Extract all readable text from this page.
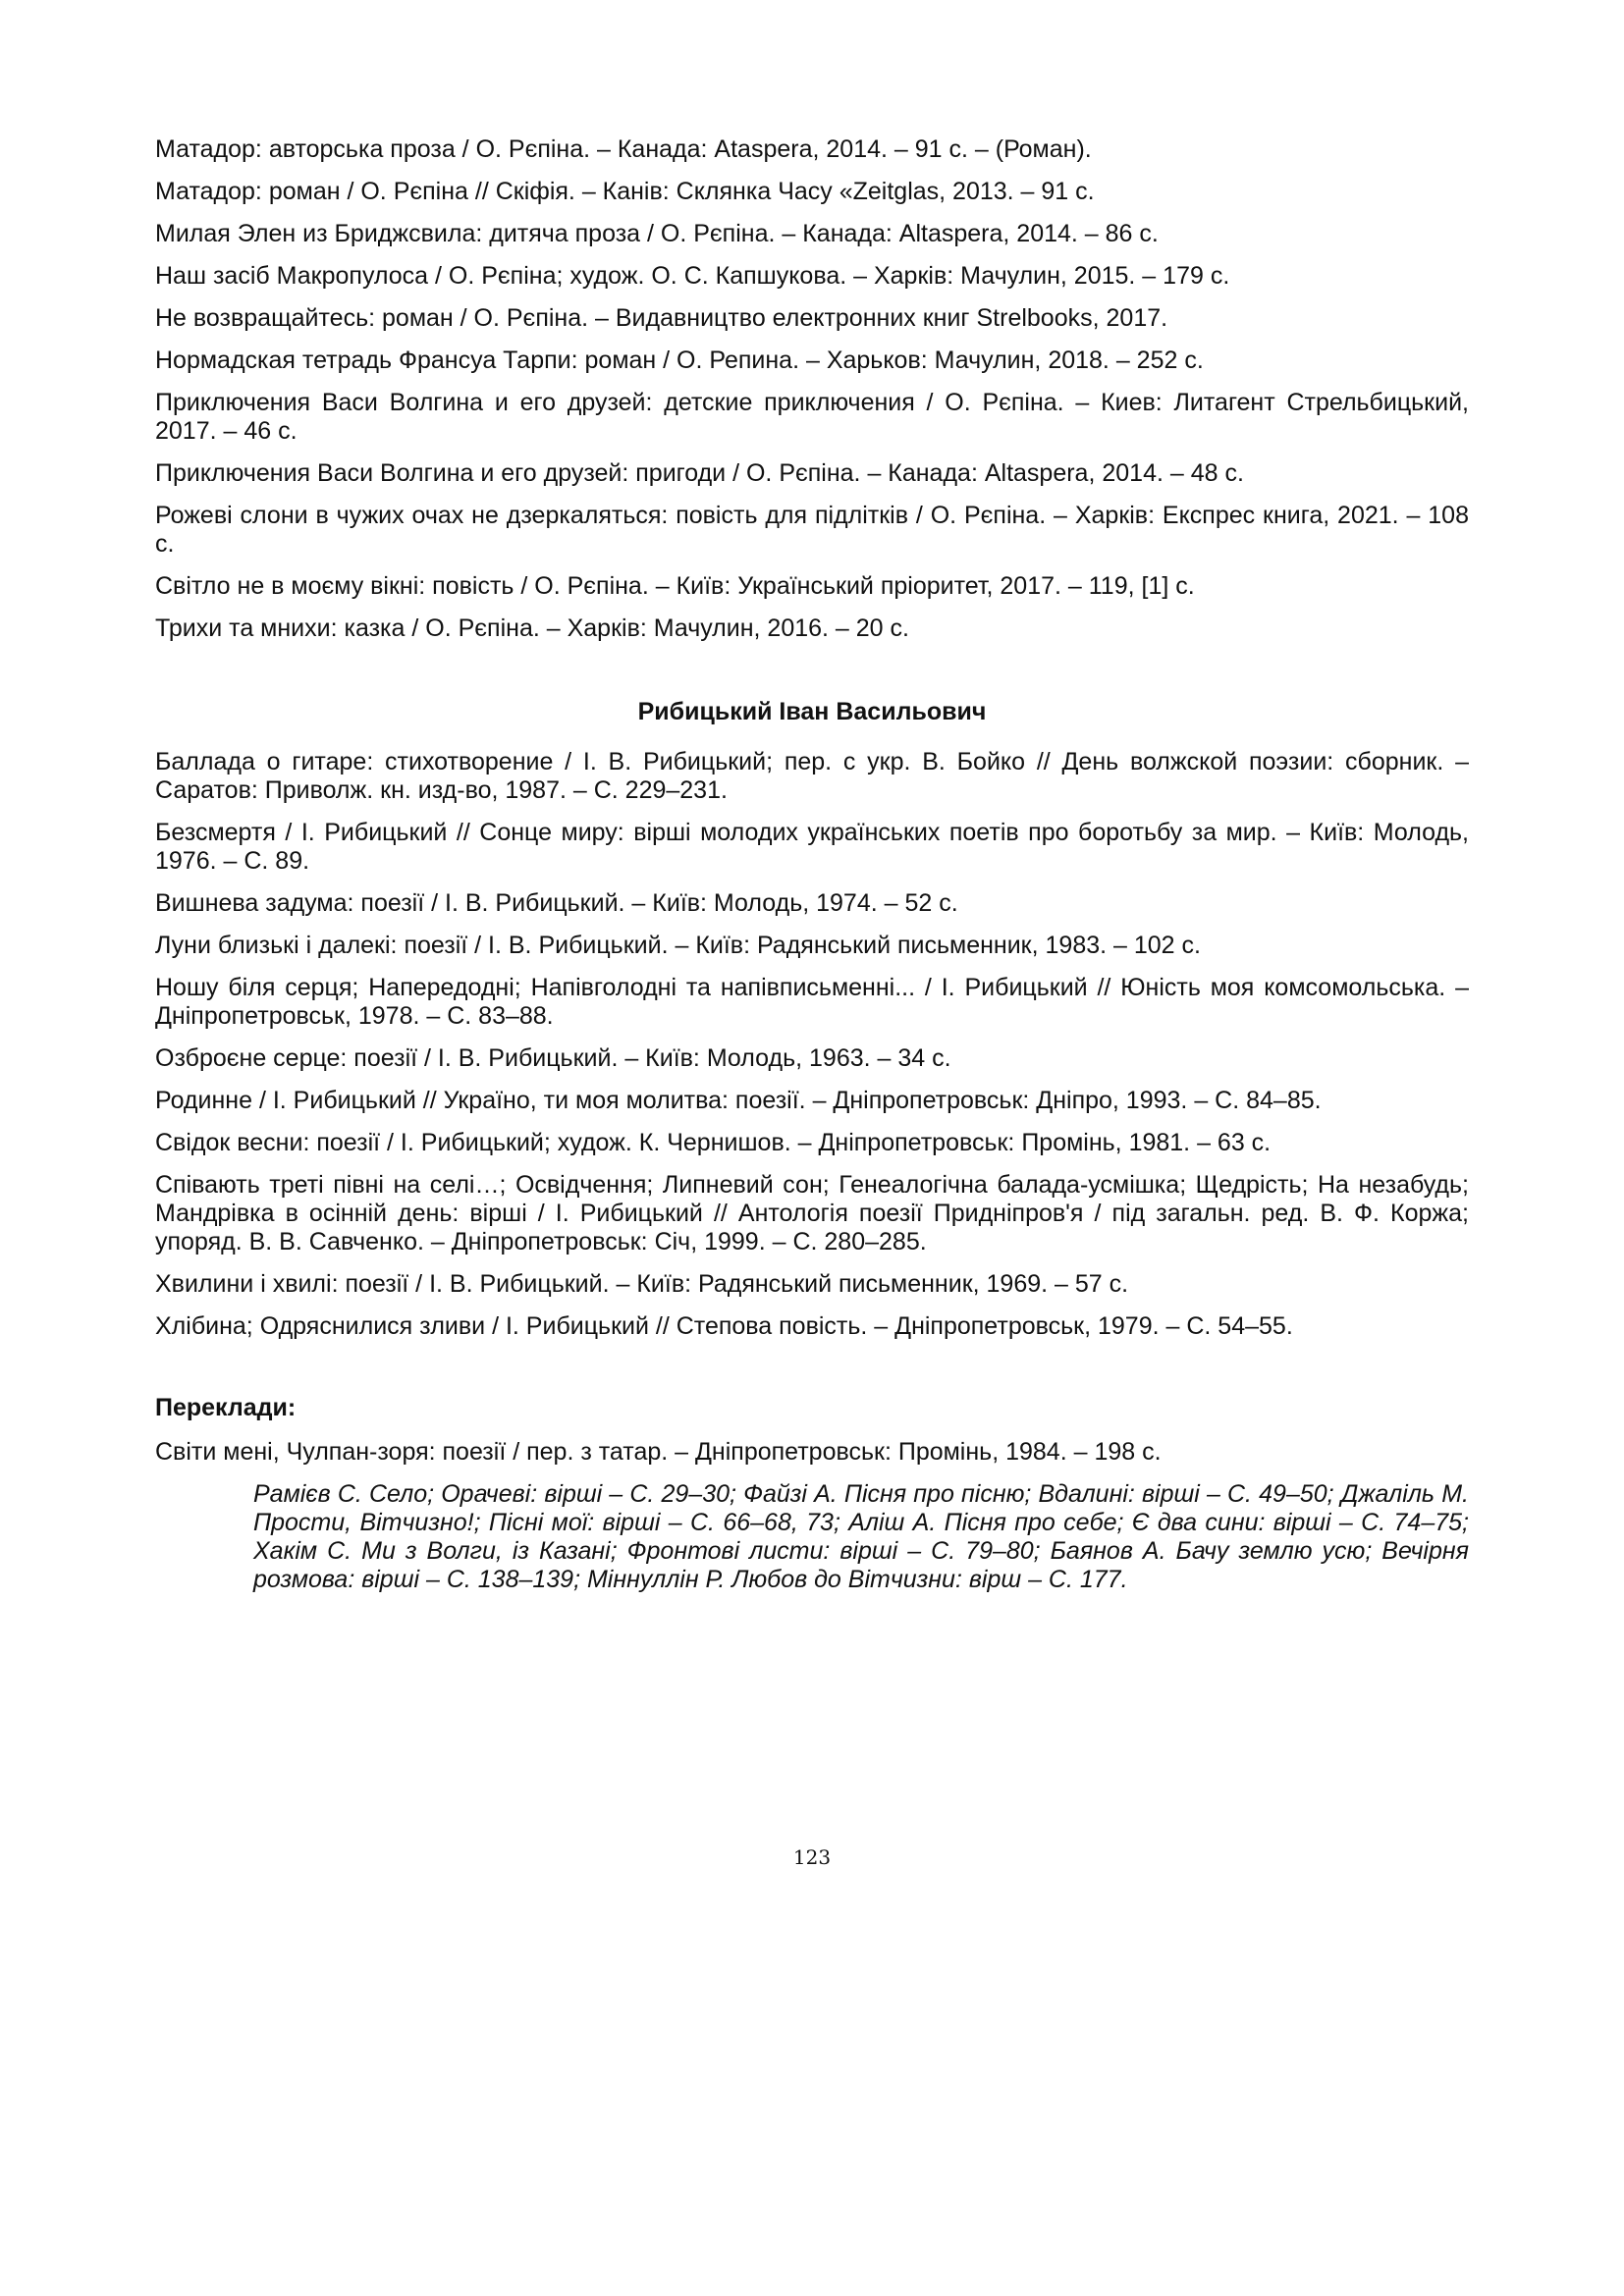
Матадор: авторська проза / О. Рєпіна. – Канада: Ataspera, 2014. – 91 с. – (Роман).

Матадор: роман / О. Рєпіна // Скіфія. – Канів: Склянка Часу «Zeitglas, 2013. – 91 с.

Милая Элен из Бриджсвила: дитяча проза / О. Рєпіна. – Канада: Altaspera, 2014. – 86 с.

Наш засіб Макропулоса / О. Рєпіна; худож. О. С. Капшукова. – Харків: Мачулин, 2015. – 179 с.

Не возвращайтесь: роман / О. Рєпіна. – Видавництво електронних книг Strelbooks, 2017.

Нормадская тетрадь Франсуа Тарпи: роман / О. Репина. – Харьков: Мачулин, 2018. – 252 с.

Приключения Васи Волгина и его друзей: детские приключения / О. Рєпіна. – Киев: Литагент Стрельбицький, 2017. – 46 с.

Приключения Васи Волгина и его друзей: пригоди / О. Рєпіна. – Канада: Altaspera, 2014. – 48 с.

Рожеві слони в чужих очах не дзеркаляться: повість для підлітків / О. Рєпіна. – Харків: Експрес книга, 2021. – 108 с.

Світло не в моєму вікні: повість / О. Рєпіна. – Київ: Український пріоритет, 2017. – 119, [1] с.

Трихи та мнихи: казка / О. Рєпіна. – Харків: Мачулин, 2016. – 20 с.

Рибицький Іван Васильович

Баллада о гитаре: стихотворение / І. В. Рибицький; пер. с укр. В. Бойко // День волжской поэзии: сборник. – Саратов: Приволж. кн. изд-во, 1987. – С. 229–231.

Безсмертя / І. Рибицький // Сонце миру: вірші молодих українських поетів про боротьбу за мир. – Київ: Молодь, 1976. – С. 89.

Вишнева задума: поезії / І. В. Рибицький. – Київ: Молодь, 1974. – 52 с.

Луни близькі і далекі: поезії / І. В. Рибицький. – Київ: Радянський письменник, 1983. – 102 с.

Ношу біля серця; Напередодні; Напівголодні та напівписьменні... / І. Рибицький // Юність моя комсомольська. – Дніпропетровськ, 1978. – С. 83–88.

Озброєне серце: поезії / І. В. Рибицький. – Київ: Молодь, 1963. – 34 с.

Родинне / І. Рибицький // Україно, ти моя молитва: поезії. – Дніпропетровськ: Дніпро, 1993. – С. 84–85.

Свідок весни: поезії / І. Рибицький; худож. К. Чернишов. – Дніпропетровськ: Промінь, 1981. – 63 с.

Співають треті півні на селі…; Освідчення; Липневий сон; Генеалогічна балада-усмішка; Щедрість; На незабудь; Мандрівка в осінній день: вірші / І. Рибицький // Антологія поезії Придніпров'я / під загальн. ред. В. Ф. Коржа; упоряд. В. В. Савченко. – Дніпропетровськ: Січ, 1999. – С. 280–285.

Хвилини і хвилі: поезії / І. В. Рибицький. – Київ: Радянський письменник, 1969. – 57 с.

Хлібина; Одряснилися зливи / І. Рибицький // Степова повість. – Дніпропетровськ, 1979. – С. 54–55.

Переклади:

Світи мені, Чулпан-зоря: поезії / пер. з татар. – Дніпропетровськ: Промінь, 1984. – 198 с.

Рамієв С. Село; Орачеві: вірші – С. 29–30; Файзі А. Пісня про пісню; Вдалині: вірші – С. 49–50; Джаліль М. Прости, Вітчизно!; Пісні мої: вірші – С. 66–68, 73; Аліш А. Пісня про себе; Є два сини: вірші – С. 74–75; Хакім С. Ми з Волги, із Казані; Фронтові листи: вірші – С. 79–80; Баянов А. Бачу землю усю; Вечірня розмова: вірші – С. 138–139; Міннуллін Р. Любов до Вітчизни: вірш – С. 177.

123
